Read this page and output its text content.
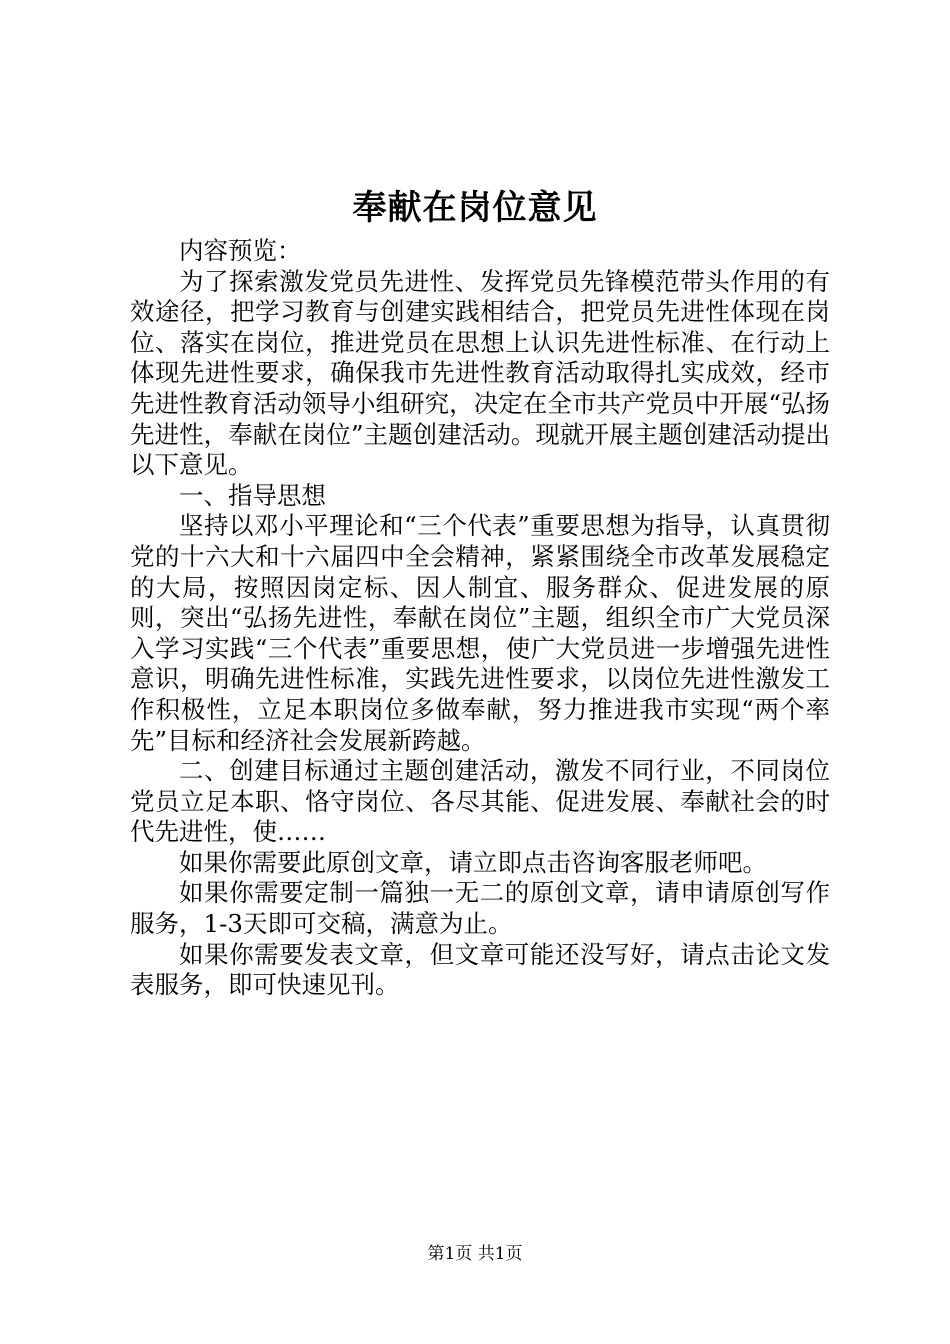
奉献在岗位意见

内容预览：

为了探索激发党员先进性、发挥党员先锋模范带头作用的有效途径，把学习教育与创建实践相结合，把党员先进性体现在岗位、落实在岗位，推进党员在思想上认识先进性标准、在行动上体现先进性要求，确保我市先进性教育活动取得扎实成效，经市先进性教育活动领导小组研究，决定在全市共产党员中开展“弘扬先进性，奉献在岗位”主题创建活动。现就开展主题创建活动提出以下意见。

一、指导思想

坚持以邓小平理论和“三个代表”重要思想为指导，认真贯彻党的十六大和十六届四中全会精神，紧紧围绕全市改革发展稳定的大局，按照因岗定标、因人制宜、服务群众、促进发展的原则，突出“弘扬先进性，奉献在岗位”主题，组织全市广大党员深入学习实践“三个代表”重要思想，使广大党员进一步增强先进性意识，明确先进性标准，实践先进性要求，以岗位先进性激发工作积极性，立足本职岗位多做奉献，努力推进我市实现“两个率先”目标和经济社会发展新跨越。

二、创建目标通过主题创建活动，激发不同行业，不同岗位党员立足本职、恪守岗位、各尽其能、促进发展、奉献社会的时代先进性，使……

如果你需要此原创文章，请立即点击咨询客服老师吧。

如果你需要定制一篇独一无二的原创文章，请申请原创写作服务，1-3天即可交稿，满意为止。

如果你需要发表文章，但文章可能还没写好，请点击论文发表服务，即可快速见刊。

第1页 共1页
